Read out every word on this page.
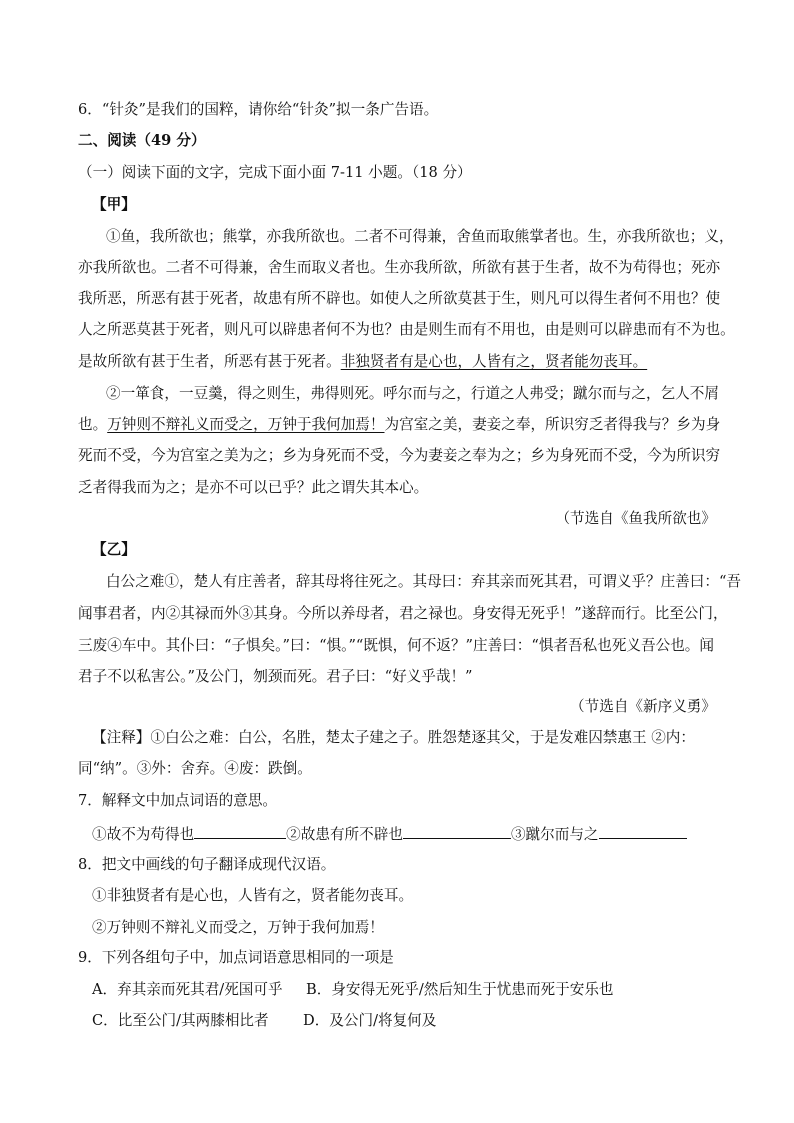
6．“针灸”是我们的国粹，请你给“针灸”拟一条广告语。
二、阅读（49 分）
（一）阅读下面的文字，完成下面小面 7-11 小题。（18 分）
【甲】
①鱼，我所欲也；熊掌，亦我所欲也。二者不可得兼，舍鱼而取熊掌者也。生，亦我所欲也；义，
亦我所欲也。二者不可得兼，舍生而取义者也。生亦我所欲，所欲有甚于生者，故不为苟得也；死亦
我所恶，所恶有甚于死者，故患有所不辟也。如使人之所欲莫甚于生，则凡可以得生者何不用也？使
人之所恶莫甚于死者，则凡可以辟患者何不为也？由是则生而有不用也，由是则可以辟患而有不为也。
是故所欲有甚于生者，所恶有甚于死者。非独贤者有是心也，人皆有之，贤者能勿丧耳。
②一箪食，一豆羹，得之则生，弗得则死。呼尔而与之，行道之人弗受；蹴尔而与之，乞人不屑
也。万钟则不辩礼义而受之，万钟于我何加焉！为宫室之美，妻妾之奉，所识穷乏者得我与？乡为身
死而不受，今为宫室之美为之；乡为身死而不受，今为妻妾之奉为之；乡为身死而不受，今为所识穷
乏者得我而为之；是亦不可以已乎？此之谓失其本心。
（节选自《鱼我所欲也》
【乙】
白公之难①，楚人有庄善者，辞其母将往死之。其母曰：弃其亲而死其君，可谓义乎？庄善曰：“吾
闻事君者，内②其禄而外③其身。今所以养母者，君之禄也。身安得无死乎！”遂辞而行。比至公门，
三废④车中。其仆曰：“子惧矣。”曰：“惧。”“既惧，何不返？”庄善曰：“惧者吾私也死义吾公也。闻
君子不以私害公。”及公门，刎颈而死。君子曰：“好义乎哉！”
（节选自《新序义勇》
【注释】①白公之难：白公，名胜，楚太子建之子。胜怨楚逐其父，于是发难囚禁惠王 ②内：
同“纳”。③外：舍弃。④废：跌倒。
7．解释文中加点词语的意思。
①故不为苟得也	②故患有所不辟也	③蹴尔而与之
8．把文中画线的句子翻译成现代汉语。
①非独贤者有是心也，人皆有之，贤者能勿丧耳。
②万钟则不辩礼义而受之，万钟于我何加焉！
9．下列各组句子中，加点词语意思相同的一项是
A．弃其亲而死其君/死国可乎 B．身安得无死乎/然后知生于忧患而死于安乐也
C．比至公门/其两膝相比者 D．及公门/将复何及
